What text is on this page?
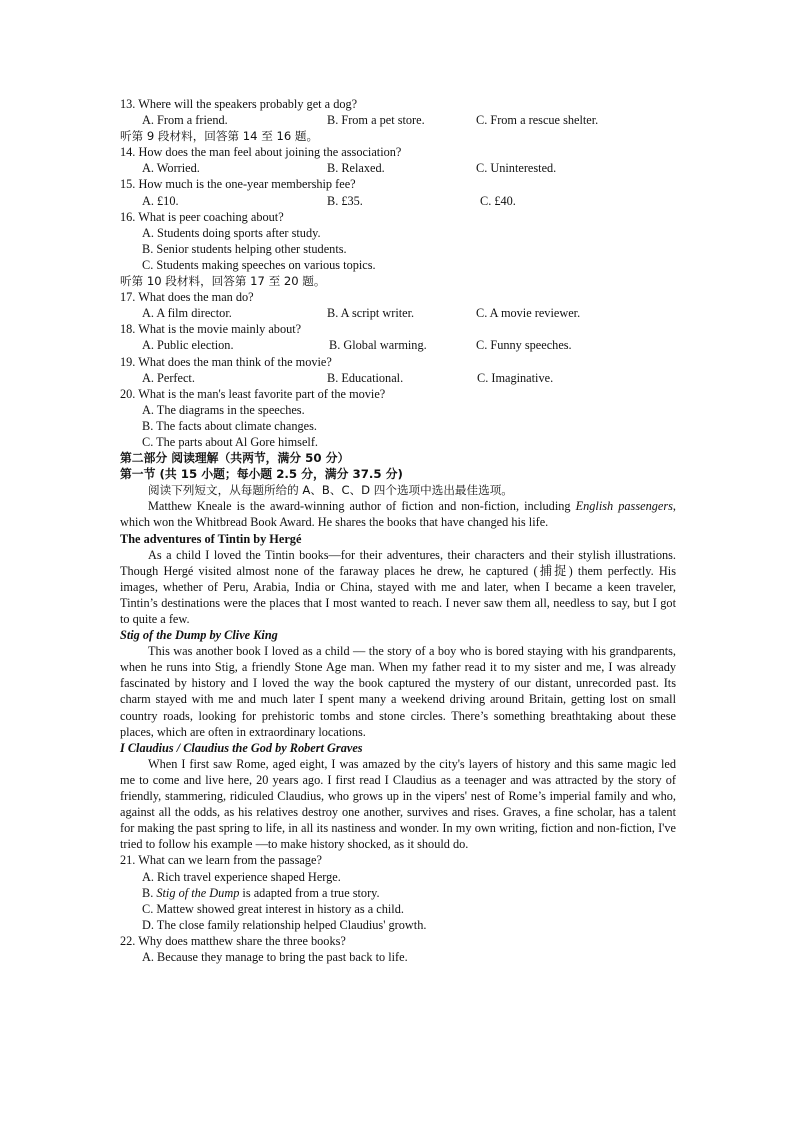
13. Where will the speakers probably get a dog?
A. From a friend.	B. From a pet store.	C. From a rescue shelter.
听第 9 段材料，回答第 14 至 16 题。
14. How does the man feel about joining the association?
A. Worried.	B. Relaxed.	C. Uninterested.
15. How much is the one-year membership fee?
A. £10.	B. £35.	C. £40.
16. What is peer coaching about?
A. Students doing sports after study.
B. Senior students helping other students.
C. Students making speeches on various topics.
听第 10 段材料，回答第 17 至 20 题。
17. What does the man do?
A. A film director.	B. A script writer.	C. A movie reviewer.
18. What is the movie mainly about?
A. Public election.	B. Global warming.	C. Funny speeches.
19. What does the man think of the movie?
A. Perfect.	B. Educational.	C. Imaginative.
20. What is the man's least favorite part of the movie?
A. The diagrams in the speeches.
B. The facts about climate changes.
C. The parts about Al Gore himself.
第二部分 阅读理解（共两节，满分 50 分）
第一节 (共 15 小题；每小题 2.5 分，满分 37.5 分)
阅读下列短文，从每题所给的 A、B、C、D 四个选项中选出最佳选项。

Matthew Kneale is the award-winning author of fiction and non-fiction, including English passengers, which won the Whitbread Book Award. He shares the books that have changed his life.

The adventures of Tintin by Hergé

As a child I loved the Tintin books—for their adventures, their characters and their stylish illustrations. Though Hergé visited almost none of the faraway places he drew, he captured (捕捉) them perfectly. His images, whether of Peru, Arabia, India or China, stayed with me and later, when I became a keen traveler, Tintin’s destinations were the places that I most wanted to reach. I never saw them all, needless to say, but I got to quite a few.

Stig of the Dump by Clive King

This was another book I loved as a child — the story of a boy who is bored staying with his grandparents, when he runs into Stig, a friendly Stone Age man. When my father read it to my sister and me, I was already fascinated by history and I loved the way the book captured the mystery of our distant, unrecorded past. Its charm stayed with me and much later I spent many a weekend driving around Britain, getting lost on small country roads, looking for prehistoric tombs and stone circles. There’s something breathtaking about these places, which are often in extraordinary locations.

I Claudius / Claudius the God by Robert Graves

When I first saw Rome, aged eight, I was amazed by the city's layers of history and this same magic led me to come and live here, 20 years ago. I first read I Claudius as a teenager and was attracted by the story of friendly, stammering, ridiculed Claudius, who grows up in the vipers' nest of Rome’s imperial family and who, against all the odds, as his relatives destroy one another, survives and rises. Graves, a fine scholar, has a talent for making the past spring to life, in all its nastiness and wonder. In my own writing, fiction and non-fiction, I've tried to follow his example —to make history shocked, as it should do.

21. What can we learn from the passage?
A. Rich travel experience shaped Herge.
B. Stig of the Dump is adapted from a true story.
C. Mattew showed great interest in history as a child.
D. The close family relationship helped Claudius' growth.
22. Why does matthew share the three books?
A. Because they manage to bring the past back to life.
